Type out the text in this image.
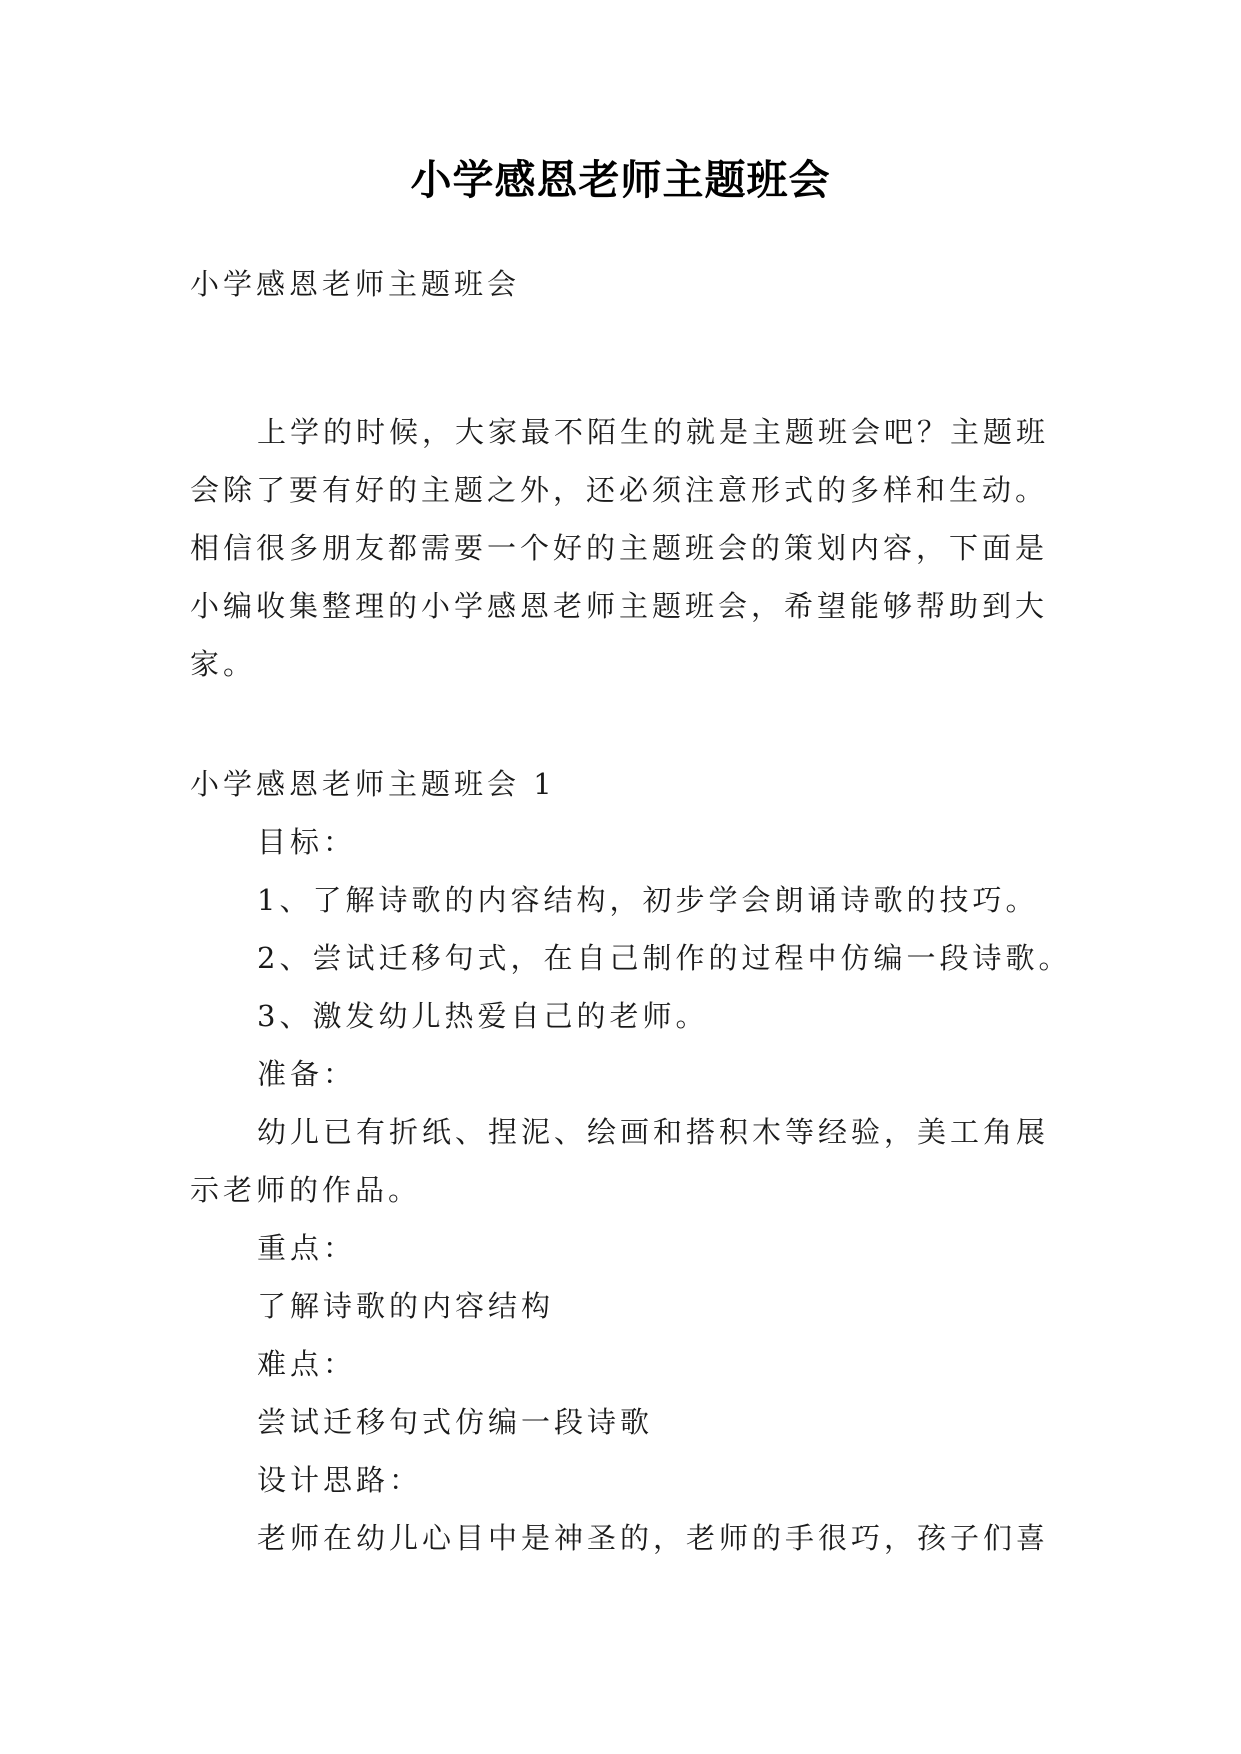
小学感恩老师主题班会
小学感恩老师主题班会
上学的时候，大家最不陌生的就是主题班会吧？主题班
会除了要有好的主题之外，还必须注意形式的多样和生动。
相信很多朋友都需要一个好的主题班会的策划内容，下面是
小编收集整理的小学感恩老师主题班会，希望能够帮助到大
家。
小学感恩老师主题班会 1
目标：
1、了解诗歌的内容结构，初步学会朗诵诗歌的技巧。
2、尝试迁移句式，在自己制作的过程中仿编一段诗歌。
3、激发幼儿热爱自己的老师。
准备：
幼儿已有折纸、捏泥、绘画和搭积木等经验，美工角展
示老师的作品。
重点：
了解诗歌的内容结构
难点：
尝试迁移句式仿编一段诗歌
设计思路：
老师在幼儿心目中是神圣的，老师的手很巧，孩子们喜
